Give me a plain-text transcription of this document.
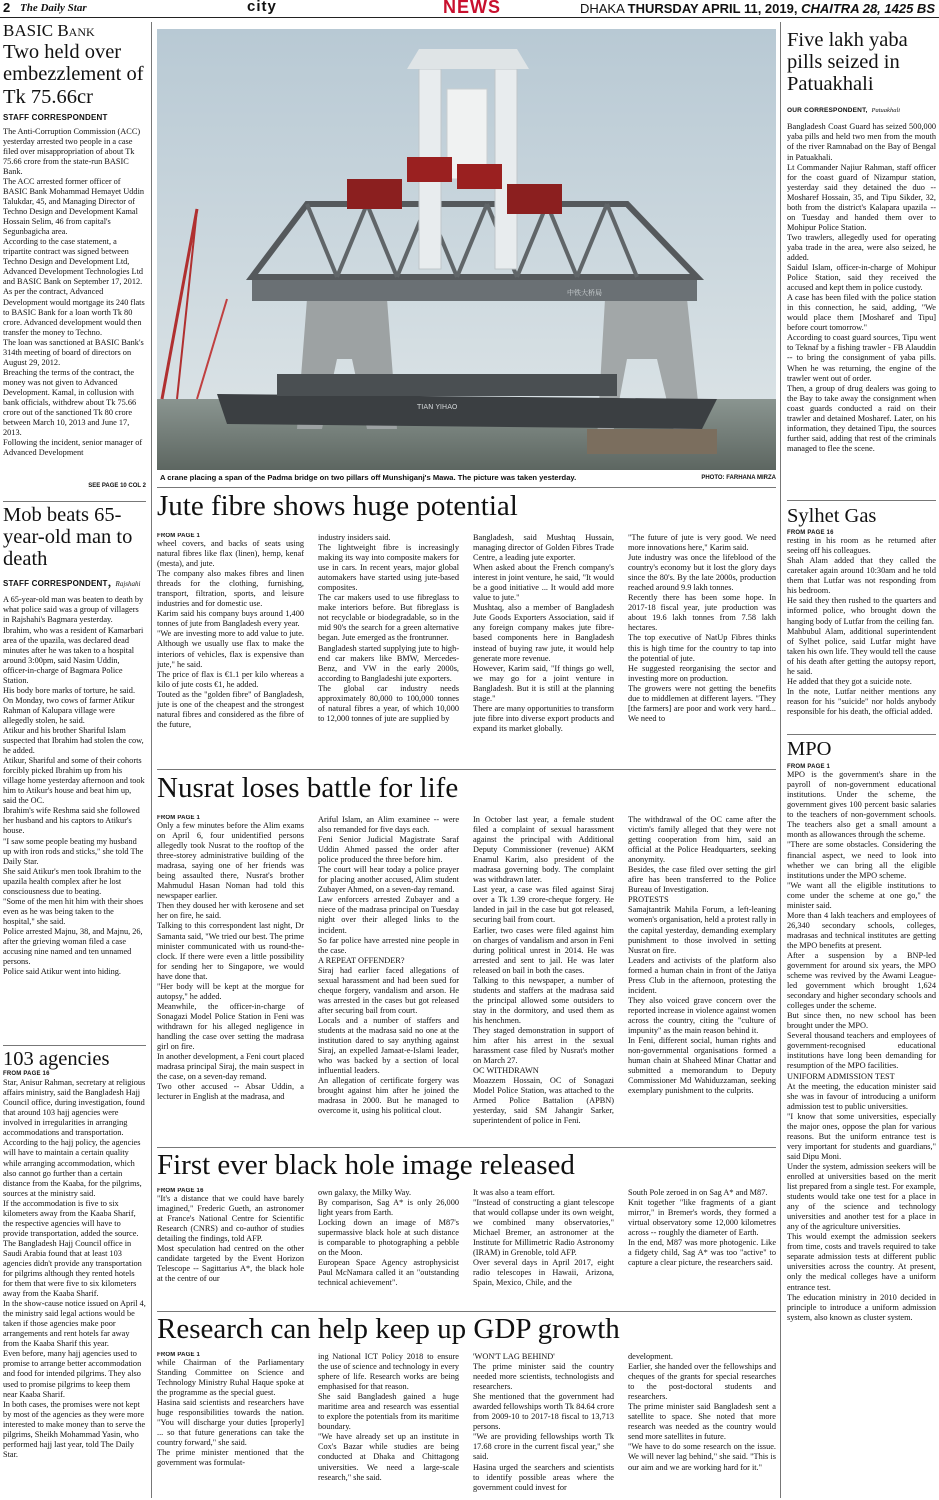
2 The Daily Star	city	NEWS	DHAKA THURSDAY APRIL 11, 2019, CHAITRA 28, 1425 BS
BASIC Bank
Two held over embezzlement of Tk 75.66cr
STAFF CORRESPONDENT
The Anti-Corruption Commission (ACC) yesterday arrested two people in a case filed over misappropriation of about Tk 75.66 crore from the state-run BASIC Bank.
The ACC arrested former officer of BASIC Bank Mohammad Hemayet Uddin Talukdar, 45, and Managing Director of Techno Design and Development Kamal Hossain Selim, 46 from capital's Segunbagicha area.
According to the case statement, a tripartite contract was signed between Techno Design and Development Ltd, Advanced Development Technologies Ltd and BASIC Bank on September 17, 2012.
As per the contract, Advanced Development would mortgage its 240 flats to BASIC Bank for a loan worth Tk 80 crore. Advanced development would then transfer the money to Techno.
The loan was sanctioned at BASIC Bank's 314th meeting of board of directors on August 29, 2012.
Breaching the terms of the contract, the money was not given to Advanced Development. Kamal, in collusion with bank officials, withdrew about Tk 75.66 crore out of the sanctioned Tk 80 crore between March 10, 2013 and June 17, 2013.
Following the incident, senior manager of Advanced Development
SEE PAGE 10 COL 2
Mob beats 65-year-old man to death
STAFF CORRESPONDENT, Rajshahi
A 65-year-old man was beaten to death by what police said was a group of villagers in Rajshahi's Bagmara yesterday.
Ibrahim, who was a resident of Kamarbari area of the upazila, was declared dead minutes after he was taken to a hospital around 3:00pm, said Nasim Uddin, officer-in-charge of Bagmara Police Station.
His body bore marks of torture, he said.
On Monday, two cows of farmer Atikur Rahman of Kalupara village were allegedly stolen, he said.
Atikur and his brother Shariful Islam suspected that Ibrahim had stolen the cow, he added.
Atikur, Shariful and some of their cohorts forcibly picked Ibrahim up from his village home yesterday afternoon and took him to Atikur's house and beat him up, said the OC.
Ibrahim's wife Reshma said she followed her husband and his captors to Atikur's house.
"I saw some people beating my husband up with iron rods and sticks," she told The Daily Star.
She said Atikur's men took Ibrahim to the upazila health complex after he lost consciousness due to beating.
"Some of the men hit him with their shoes even as he was being taken to the hospital," she said.
Police arrested Majnu, 38, and Majnu, 26, after the grieving woman filed a case accusing nine named and ten unnamed persons.
Police said Atikur went into hiding.
103 agencies
FROM PAGE 16
Star, Anisur Rahman, secretary at religious affairs ministry, said the Bangladesh Hajj Council office, during investigation, found that around 103 hajj agencies were involved in irregularities in arranging accommodations and transportation.
According to the hajj policy, the agencies will have to maintain a certain quality while arranging accommodation, which also cannot go further than a certain distance from the Kaaba, for the pilgrims, sources at the ministry said.
If the accommodation is five to six kilometers away from the Kaaba Sharif, the respective agencies will have to provide transportation, added the source.
The Bangladesh Hajj Council office in Saudi Arabia found that at least 103 agencies didn't provide any transportation for pilgrims although they rented hotels for them that were five to six kilometers away from the Kaaba Sharif.
In the show-cause notice issued on April 4, the ministry said legal actions would be taken if those agencies make poor arrangements and rent hotels far away from the Kaaba Sharif this year.
Even before, many hajj agencies used to promise to arrange better accommodation and food for intended pilgrims. They also used to promise pilgrims to keep them near Kaaba Sharif.
In both cases, the promises were not kept by most of the agencies as they were more interested to make money than to serve the pilgrims, Sheikh Mohammad Yasin, who performed hajj last year, told The Daily Star.
TIAN YIHAO
中铁大桥局
A crane placing a span of the Padma bridge on two pillars off Munshiganj's Mawa. The picture was taken yesterday.	PHOTO: FARHANA MIRZA
Jute fibre shows huge potential
FROM PAGE 1
wheel covers, and backs of seats using natural fibres like flax (linen), hemp, kenaf (mesta), and jute.
The company also makes fibres and linen threads for the clothing, furnishing, transport, filtration, sports, and leisure industries and for domestic use.
Karim said his company buys around 1,400 tonnes of jute from Bangladesh every year.
"We are investing more to add value to jute. Although we usually use flax to make the interiors of vehicles, flax is expensive than jute," he said.
The price of flax is €1.1 per kilo whereas a kilo of jute costs €1, he added.
Touted as the "golden fibre" of Bangladesh, jute is one of the cheapest and the strongest natural fibres and considered as the fibre of the future,
industry insiders said.
The lightweight fibre is increasingly making its way into composite makers for use in cars. In recent years, major global automakers have started using jute-based composites.
The car makers used to use fibreglass to make interiors before. But fibreglass is not recyclable or biodegradable, so in the mid 90's the search for a green alternative began. Jute emerged as the frontrunner.
Bangladesh started supplying jute to high-end car makers like BMW, Mercedes-Benz, and VW in the early 2000s, according to Bangladeshi jute exporters.
The global car industry needs approximately 80,000 to 100,000 tonnes of natural fibres a year, of which 10,000 to 12,000 tonnes of jute are supplied by
Bangladesh, said Mushtaq Hussain, managing director of Golden Fibres Trade Centre, a leading jute exporter.
When asked about the French company's interest in joint venture, he said, "It would be a good initiative ... It would add more value to jute."
Mushtaq, also a member of Bangladesh Jute Goods Exporters Association, said if any foreign company makes jute fibre-based components here in Bangladesh instead of buying raw jute, it would help generate more revenue.
However, Karim said, "If things go well, we may go for a joint venture in Bangladesh. But it is still at the planning stage."
There are many opportunities to transform jute fibre into diverse export products and expand its market globally.
"The future of jute is very good. We need more innovations here," Karim said.
Jute industry was once the lifeblood of the country's economy but it lost the glory days since the 80's. By the late 2000s, production reached around 9.9 lakh tonnes.
Recently there has been some hope. In 2017-18 fiscal year, jute production was about 19.6 lakh tonnes from 7.58 lakh hectares.
The top executive of NatUp Fibres thinks this is high time for the country to tap into the potential of jute.
He suggested reorganising the sector and investing more on production.
The growers were not getting the benefits due to middlemen at different layers. "They [the farmers] are poor and work very hard... We need to
Nusrat loses battle for life
FROM PAGE 1
Only a few minutes before the Alim exams on April 6, four unidentified persons allegedly took Nusrat to the rooftop of the three-storey administrative building of the madrasa, saying one of her friends was being assaulted there, Nusrat's brother Mahmudul Hasan Noman had told this newspaper earlier.
Then they doused her with kerosene and set her on fire, he said.
Talking to this correspondent last night, Dr Samanta said, "We tried our best. The prime minister communicated with us round-the-clock. If there were even a little possibility for sending her to Singapore, we would have done that.
"Her body will be kept at the morgue for autopsy," he added.
Meanwhile, the officer-in-charge of Sonagazi Model Police Station in Feni was withdrawn for his alleged negligence in handling the case over setting the madrasa girl on fire.
In another development, a Feni court placed madrasa principal Siraj, the main suspect in the case, on a seven-day remand.
Two other accused -- Absar Uddin, a lecturer in English at the madrasa, and
Ariful Islam, an Alim examinee -- were also remanded for five days each.
Feni Senior Judicial Magistrate Saraf Uddin Ahmed passed the order after police produced the three before him.
The court will hear today a police prayer for placing another accused, Alim student Zubayer Ahmed, on a seven-day remand.
Law enforcers arrested Zubayer and a niece of the madrasa principal on Tuesday night over their alleged links to the incident.
So far police have arrested nine people in the case.
A REPEAT OFFENDER?
Siraj had earlier faced allegations of sexual harassment and had been sued for cheque forgery, vandalism and arson. He was arrested in the cases but got released after securing bail from court.
Locals and a number of staffers and students at the madrasa said no one at the institution dared to say anything against Siraj, an expelled Jamaat-e-Islami leader, who was backed by a section of local influential leaders.
An allegation of certificate forgery was brought against him after he joined the madrasa in 2000. But he managed to overcome it, using his political clout.
In October last year, a female student filed a complaint of sexual harassment against the principal with Additional Deputy Commissioner (revenue) AKM Enamul Karim, also president of the madrasa governing body. The complaint was withdrawn later.
Last year, a case was filed against Siraj over a Tk 1.39 crore-cheque forgery. He landed in jail in the case but got released, securing bail from court.
Earlier, two cases were filed against him on charges of vandalism and arson in Feni during political unrest in 2014. He was arrested and sent to jail. He was later released on bail in both the cases.
Talking to this newspaper, a number of students and staffers at the madrasa said the principal allowed some outsiders to stay in the dormitory, and used them as his henchmen.
They staged demonstration in support of him after his arrest in the sexual harassment case filed by Nusrat's mother on March 27.
OC WITHDRAWN
Moazzem Hossain, OC of Sonagazi Model Police Station, was attached to the Armed Police Battalion (APBN) yesterday, said SM Jahangir Sarker, superintendent of police in Feni.
The withdrawal of the OC came after the victim's family alleged that they were not getting cooperation from him, said an official at the Police Headquarters, seeking anonymity.
Besides, the case filed over setting the girl afire has been transferred to the Police Bureau of Investigation.
PROTESTS
Samajtantrik Mahila Forum, a left-leaning women's organisation, held a protest rally in the capital yesterday, demanding exemplary punishment to those involved in setting Nusrat on fire.
Leaders and activists of the platform also formed a human chain in front of the Jatiya Press Club in the afternoon, protesting the incident.
They also voiced grave concern over the reported increase in violence against women across the country, citing the "culture of impunity" as the main reason behind it.
In Feni, different social, human rights and non-governmental organisations formed a human chain at Shaheed Minar Chattar and submitted a memorandum to Deputy Commissioner Md Wahiduzzaman, seeking exemplary punishment to the culprits.
First ever black hole image released
FROM PAGE 16
"It's a distance that we could have barely imagined," Frederic Gueth, an astronomer at France's National Centre for Scientific Research (CNRS) and co-author of studies detailing the findings, told AFP.
Most speculation had centred on the other candidate targeted by the Event Horizon Telescope -- Sagittarius A*, the black hole at the centre of our
own galaxy, the Milky Way.
By comparison, Sag A* is only 26,000 light years from Earth.
Locking down an image of M87's supermassive black hole at such distance is comparable to photographing a pebble on the Moon.
European Space Agency astrophysicist Paul McNamara called it an "outstanding technical achievement".
It was also a team effort.
"Instead of constructing a giant telescope that would collapse under its own weight, we combined many observatories," Michael Bremer, an astronomer at the Institute for Millimetric Radio Astronomy (IRAM) in Grenoble, told AFP.
Over several days in April 2017, eight radio telescopes in Hawaii, Arizona, Spain, Mexico, Chile, and the
South Pole zeroed in on Sag A* and M87.
Knit together "like fragments of a giant mirror," in Bremer's words, they formed a virtual observatory some 12,000 kilometres across -- roughly the diameter of Earth.
In the end, M87 was more photogenic. Like a fidgety child, Sag A* was too "active" to capture a clear picture, the researchers said.
Research can help keep up GDP growth
FROM PAGE 1
while Chairman of the Parliamentary Standing Committee on Science and Technology Ministry Ruhal Haque spoke at the programme as the special guest.
Hasina said scientists and researchers have huge responsibilities towards the nation. "You will discharge your duties [properly] ... so that future generations can take the country forward," she said.
The prime minister mentioned that the government was formulat-
ing National ICT Policy 2018 to ensure the use of science and technology in every sphere of life. Research works are being emphasised for that reason.
She said Bangladesh gained a huge maritime area and research was essential to explore the potentials from its maritime boundary.
"We have already set up an institute in Cox's Bazar while studies are being conducted at Dhaka and Chittagong universities. We need a large-scale research," she said.
'WON'T LAG BEHIND'
The prime minister said the country needed more scientists, technologists and researchers.
She mentioned that the government had awarded fellowships worth Tk 84.64 crore from 2009-10 to 2017-18 fiscal to 13,713 persons.
"We are providing fellowships worth Tk 17.68 crore in the current fiscal year," she said.
Hasina urged the searchers and scientists to identify possible areas where the government could invest for
development.
Earlier, she handed over the fellowships and cheques of the grants for special researches to the post-doctoral students and researchers.
The prime minister said Bangladesh sent a satellite to space. She noted that more research was needed as the country would send more satellites in future.
"We have to do some research on the issue. We will never lag behind," she said. "This is our aim and we are working hard for it."
Five lakh yaba pills seized in Patuakhali
OUR CORRESPONDENT, Patuakhali
Bangladesh Coast Guard has seized 500,000 yaba pills and held two men from the mouth of the river Ramnabad on the Bay of Bengal in Patuakhali.
Lt Commander Najiur Rahman, staff officer for the coast guard of Nizampur station, yesterday said they detained the duo -- Mosharef Hossain, 35, and Tipu Sikder, 32, both from the district's Kalapara upazila -- on Tuesday and handed them over to Mohipur Police Station.
Two trawlers, allegedly used for operating yaba trade in the area, were also seized, he added.
Saidul Islam, officer-in-charge of Mohipur Police Station, said they received the accused and kept them in police custody.
A case has been filed with the police station in this connection, he said, adding, "We would place them [Mosharef and Tipu] before court tomorrow."
According to coast guard sources, Tipu went to Teknaf by a fishing trawler - FB Alauddin -- to bring the consignment of yaba pills. When he was returning, the engine of the trawler went out of order.
Then, a group of drug dealers was going to the Bay to take away the consignment when coast guards conducted a raid on their trawler and detained Mosharef. Later, on his information, they detained Tipu, the sources further said, adding that rest of the criminals managed to flee the scene.
Sylhet Gas
FROM PAGE 16
resting in his room as he returned after seeing off his colleagues.
Shah Alam added that they called the caretaker again around 10:30am and he told them that Lutfar was not responding from his bedroom.
He said they then rushed to the quarters and informed police, who brought down the hanging body of Lutfar from the ceiling fan.
Mahbubul Alam, additional superintendent of Sylhet police, said Lutfar might have taken his own life. They would tell the cause of his death after getting the autopsy report, he said.
He added that they got a suicide note.
In the note, Lutfar neither mentions any reason for his "suicide" nor holds anybody responsible for his death, the official added.
MPO
FROM PAGE 1
MPO is the government's share in the payroll of non-government educational institutions. Under the scheme, the government gives 100 percent basic salaries to the teachers of non-government schools. The teachers also get a small amount a month as allowances through the scheme.
"There are some obstacles. Considering the financial aspect, we need to look into whether we can bring all the eligible institutions under the MPO scheme.
"We want all the eligible institutions to come under the scheme at one go," the minister said.
More than 4 lakh teachers and employees of 26,340 secondary schools, colleges, madrasas and technical institutes are getting the MPO benefits at present.
After a suspension by a BNP-led government for around six years, the MPO scheme was revived by the Awami League-led government which brought 1,624 secondary and higher secondary schools and colleges under the scheme.
But since then, no new school has been brought under the MPO.
Several thousand teachers and employees of government-recognised educational institutions have long been demanding for resumption of the MPO facilities.
UNIFORM ADMISSION TEST
At the meeting, the education minister said she was in favour of introducing a uniform admission test to public universities.
"I know that some universities, especially the major ones, oppose the plan for various reasons. But the uniform entrance test is very important for students and guardians," said Dipu Moni.
Under the system, admission seekers will be enrolled at universities based on the merit list prepared from a single test. For example, students would take one test for a place in any of the science and technology universities and another test for a place in any of the agriculture universities.
This would exempt the admission seekers from time, costs and travels required to take separate admission tests at different public universities across the country. At present, only the medical colleges have a uniform entrance test.
The education ministry in 2010 decided in principle to introduce a uniform admission system, also known as cluster system.
